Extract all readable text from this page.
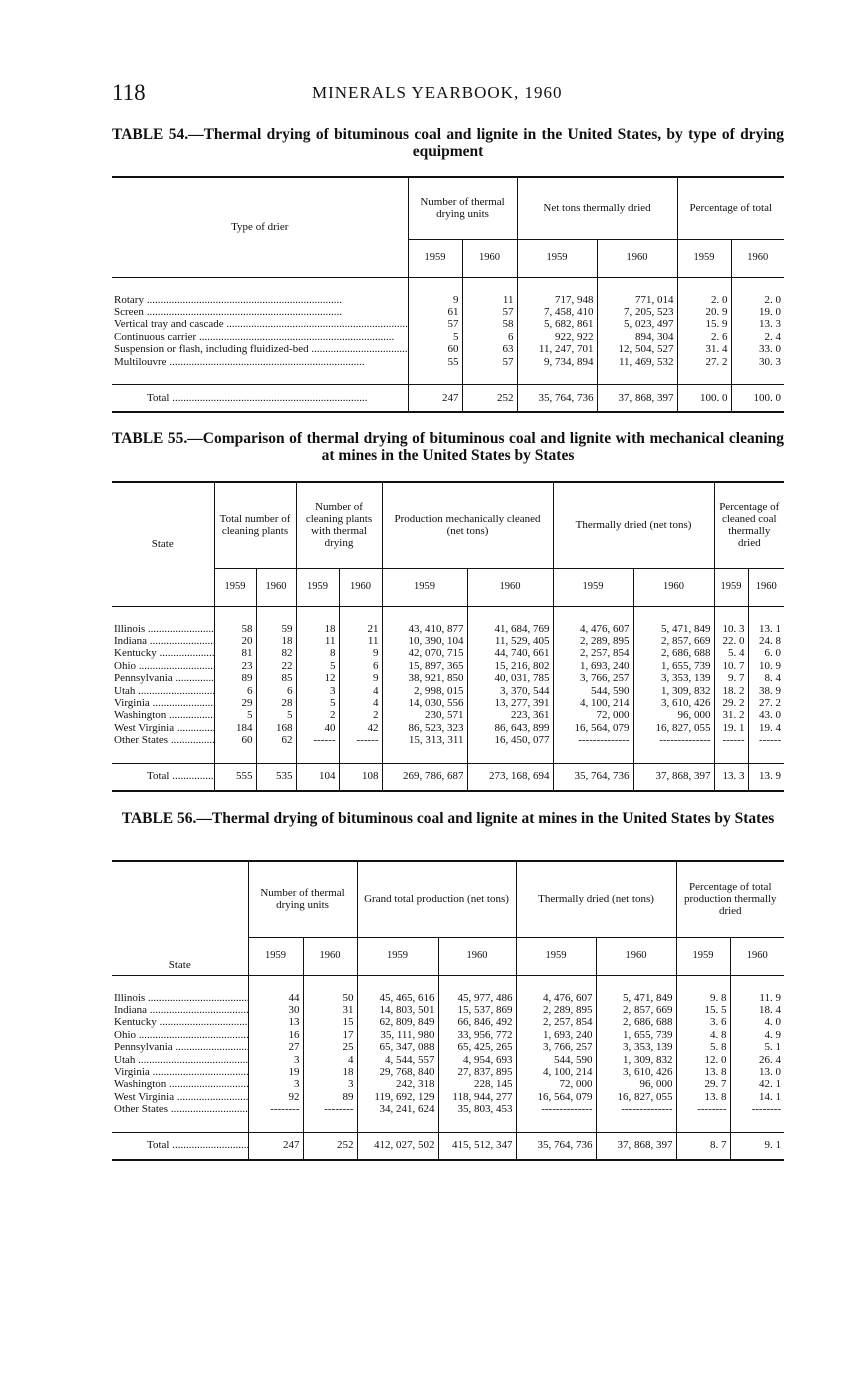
118	MINERALS YEARBOOK, 1960
TABLE 54.—Thermal drying of bituminous coal and lignite in the United States, by type of drying equipment
Type of drier	Number of thermal drying units		Net tons thermally dried		Percentage of total	
	1959	1960	1959	1960	1959	1960

Rotary .....	9	11	717, 948	771, 014	2. 0	2. 0
Screen .....	61	57	7, 458, 410	7, 205, 523	20. 9	19. 0
Vertical tray and cascade .....	57	58	5, 682, 861	5, 023, 497	15. 9	13. 3
Continuous carrier .....	5	6	922, 922	894, 304	2. 6	2. 4
Suspension or flash, including fluidized-bed .....	60	63	11, 247, 701	12, 504, 527	31. 4	33. 0
Multilouvre .....	55	57	9, 734, 894	11, 469, 532	27. 2	30. 3

Total .....	247	252	35, 764, 736	37, 868, 397	100. 0	100. 0
TABLE 55.—Comparison of thermal drying of bituminous coal and lignite with mechanical cleaning at mines in the United States by States
State	Total number of cleaning plants		Number of cleaning plants with thermal drying		Production mechanically cleaned (net tons)		Thermally dried (net tons)		Percentage of cleaned coal thermally dried	
	1959	1960	1959	1960	1959	1960	1959	1960	1959	1960

Illinois .....	58	59	18	21	43, 410, 877	41, 684, 769	4, 476, 607	5, 471, 849	10. 3	13. 1
Indiana .....	20	18	11	11	10, 390, 104	11, 529, 405	2, 289, 895	2, 857, 669	22. 0	24. 8
Kentucky .....	81	82	8	9	42, 070, 715	44, 740, 661	2, 257, 854	2, 686, 688	5. 4	6. 0
Ohio .....	23	22	5	6	15, 897, 365	15, 216, 802	1, 693, 240	1, 655, 739	10. 7	10. 9
Pennsylvania .....	89	85	12	9	38, 921, 850	40, 031, 785	3, 766, 257	3, 353, 139	9. 7	8. 4
Utah .....	6	6	3	4	2, 998, 015	3, 370, 544	544, 590	1, 309, 832	18. 2	38. 9
Virginia .....	29	28	5	4	14, 030, 556	13, 277, 391	4, 100, 214	3, 610, 426	29. 2	27. 2
Washington .....	5	5	2	2	230, 571	223, 361	72, 000	96, 000	31. 2	43. 0
West Virginia .....	184	168	40	42	86, 523, 323	86, 643, 899	16, 564, 079	16, 827, 055	19. 1	19. 4
Other States .....	60	62	------	------	15, 313, 311	16, 450, 077	--------------	--------------	------	------

Total .....	555	535	104	108	269, 786, 687	273, 168, 694	35, 764, 736	37, 868, 397	13. 3	13. 9
TABLE 56.—Thermal drying of bituminous coal and lignite at mines in the United States by States
State	Number of thermal drying units		Grand total production (net tons)		Thermally dried (net tons)		Percentage of total production thermally dried	
	1959	1960	1959	1960	1959	1960	1959	1960

Illinois .....	44	50	45, 465, 616	45, 977, 486	4, 476, 607	5, 471, 849	9. 8	11. 9
Indiana .....	30	31	14, 803, 501	15, 537, 869	2, 289, 895	2, 857, 669	15. 5	18. 4
Kentucky .....	13	15	62, 809, 849	66, 846, 492	2, 257, 854	2, 686, 688	3. 6	4. 0
Ohio .....	16	17	35, 111, 980	33, 956, 772	1, 693, 240	1, 655, 739	4. 8	4. 9
Pennsylvania .....	27	25	65, 347, 088	65, 425, 265	3, 766, 257	3, 353, 139	5. 8	5. 1
Utah .....	3	4	4, 544, 557	4, 954, 693	544, 590	1, 309, 832	12. 0	26. 4
Virginia .....	19	18	29, 768, 840	27, 837, 895	4, 100, 214	3, 610, 426	13. 8	13. 0
Washington .....	3	3	242, 318	228, 145	72, 000	96, 000	29. 7	42. 1
West Virginia .....	92	89	119, 692, 129	118, 944, 277	16, 564, 079	16, 827, 055	13. 8	14. 1
Other States .....	--------	--------	34, 241, 624	35, 803, 453	--------------	--------------	--------	--------

Total .....	247	252	412, 027, 502	415, 512, 347	35, 764, 736	37, 868, 397	8. 7	9. 1
